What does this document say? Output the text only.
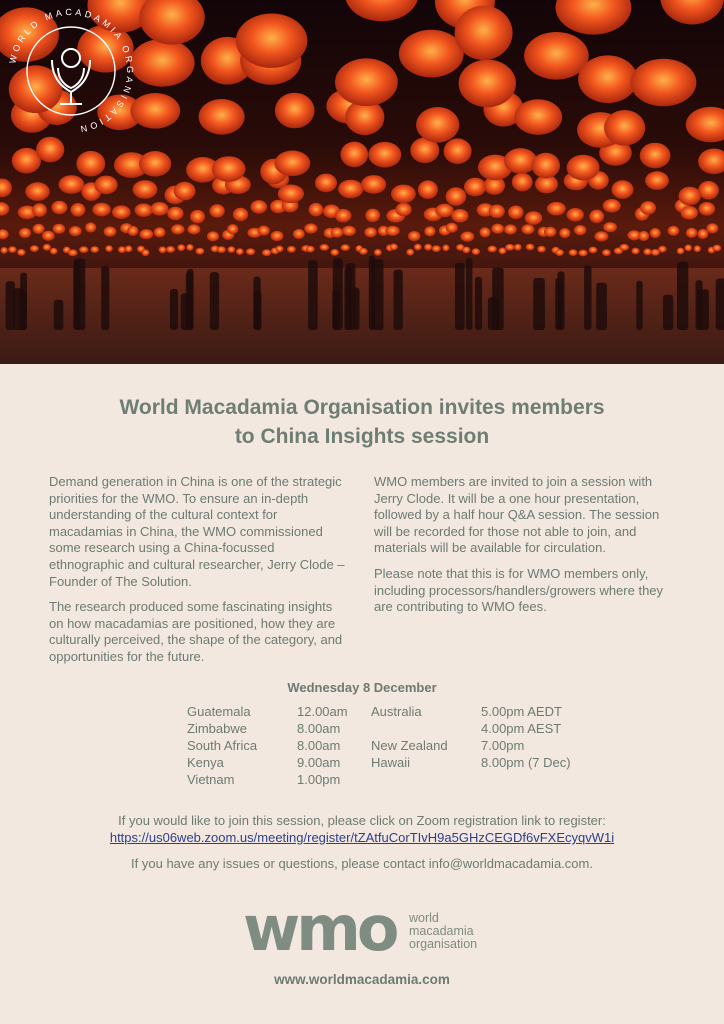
WORLD MACADAMIA ORGANISATION
World Macadamia Organisation invites members
to China Insights session

Demand generation in China is one of the strategic priorities for the WMO. To ensure an in-depth understanding of the cultural context for macadamias in China, the WMO commissioned some research using a China-focussed ethnographic and cultural researcher, Jerry Clode – Founder of The Solution.

The research produced some fascinating insights on how macadamias are positioned, how they are culturally perceived, the shape of the category, and opportunities for the future.

WMO members are invited to join a session with Jerry Clode. It will be a one hour presentation, followed by a half hour Q&A session. The session will be recorded for those not able to join, and materials will be available for circulation.

Please note that this is for WMO members only, including processors/handlers/growers where they are contributing to WMO fees.

Wednesday 8 December
Guatemala
Zimbabwe
South Africa
Kenya
Vietnam
12.00am
8.00am
8.00am
9.00am
1.00pm
Australia
New Zealand
Hawaii
5.00pm AEDT
4.00pm AEST
7.00pm
8.00pm (7 Dec)
If you would like to join this session, please click on Zoom registration link to register:
https://us06web.zoom.us/meeting/register/tZAtfuCorTIvH9a5GHzCEGDf6vFXEcyqvW1i
If you have any issues or questions, please contact info@worldmacadamia.com.
wmo world
macadamia
organisation
www.worldmacadamia.com
